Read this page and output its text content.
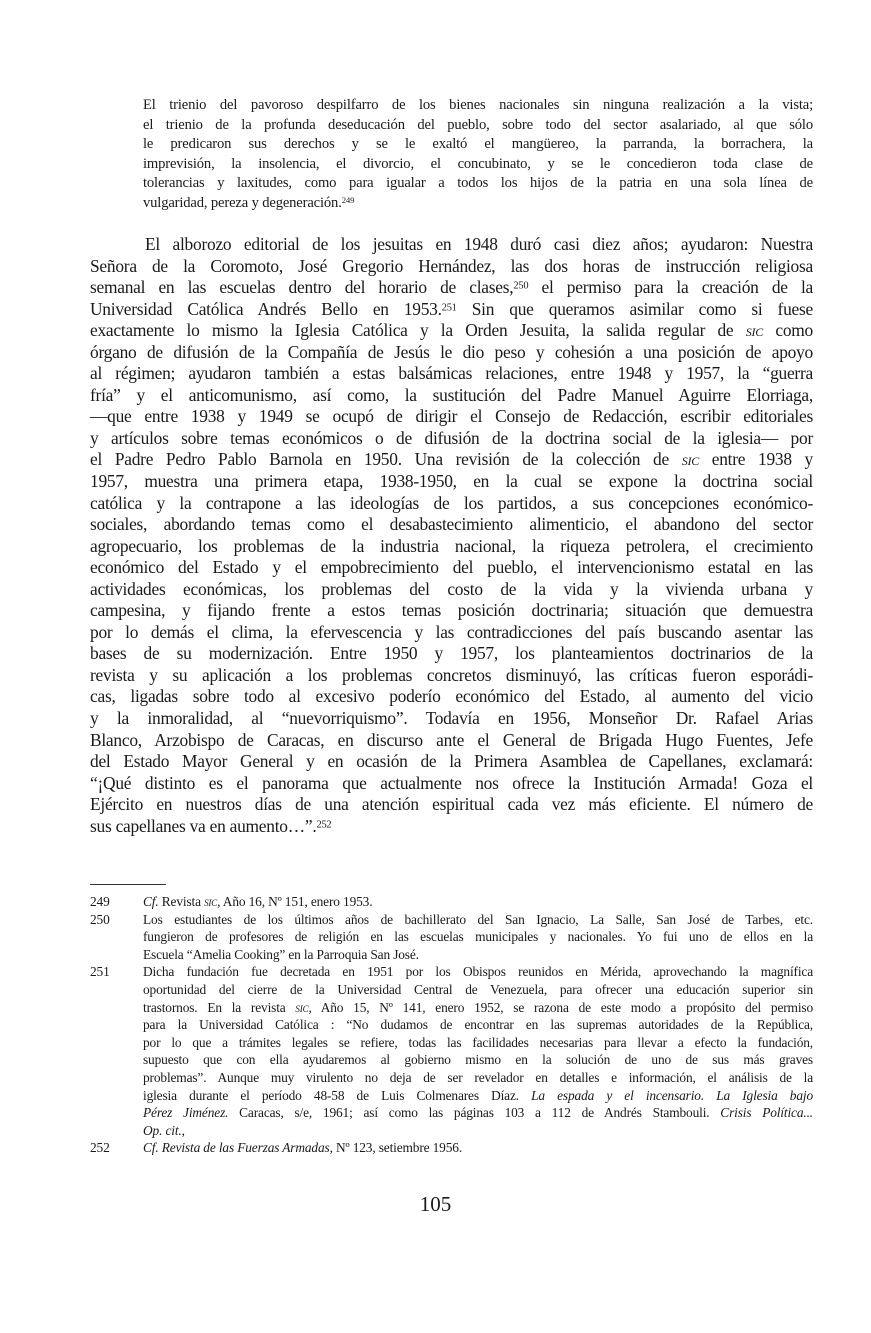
El trienio del pavoroso despilfarro de los bienes nacionales sin ninguna realización a la vista;
el trienio de la profunda deseducación del pueblo, sobre todo del sector asalariado, al que sólo
le predicaron sus derechos y se le exaltó el mangüereo, la parranda, la borrachera, la
imprevisión, la insolencia, el divorcio, el concubinato, y se le concedieron toda clase de
tolerancias y laxitudes, como para igualar a todos los hijos de la patria en una sola línea de
vulgaridad, pereza y degeneración.$^{249}$
El alborozo editorial de los jesuitas en 1948 duró casi diez años; ayudaron: Nuestra
Señora de la Coromoto, José Gregorio Hernández, las dos horas de instrucción religiosa
semanal en las escuelas dentro del horario de clases,$^{250}$ el permiso para la creación de la
Universidad Católica Andrés Bello en 1953.$^{251}$ Sin que queramos asimilar como si fuese
exactamente lo mismo la Iglesia Católica y la Orden Jesuita, la salida regular de sic como
órgano de difusión de la Compañía de Jesús le dio peso y cohesión a una posición de apoyo
al régimen; ayudaron también a estas balsámicas relaciones, entre 1948 y 1957, la “guerra
fría” y el anticomunismo, así como, la sustitución del Padre Manuel Aguirre Elorriaga,
—que entre 1938 y 1949 se ocupó de dirigir el Consejo de Redacción, escribir editoriales
y artículos sobre temas económicos o de difusión de la doctrina social de la iglesia— por
el Padre Pedro Pablo Barnola en 1950. Una revisión de la colección de sic entre 1938 y
1957, muestra una primera etapa, 1938-1950, en la cual se expone la doctrina social
católica y la contrapone a las ideologías de los partidos, a sus concepciones económico-
sociales, abordando temas como el desabastecimiento alimenticio, el abandono del sector
agropecuario, los problemas de la industria nacional, la riqueza petrolera, el crecimiento
económico del Estado y el empobrecimiento del pueblo, el intervencionismo estatal en las
actividades económicas, los problemas del costo de la vida y la vivienda urbana y
campesina, y fijando frente a estos temas posición doctrinaria; situación que demuestra
por lo demás el clima, la efervescencia y las contradicciones del país buscando asentar las
bases de su modernización. Entre 1950 y 1957, los planteamientos doctrinarios de la
revista y su aplicación a los problemas concretos disminuyó, las críticas fueron esporádi-
cas, ligadas sobre todo al excesivo poderío económico del Estado, al aumento del vicio
y la inmoralidad, al “nuevorriquismo”. Todavía en 1956, Monseñor Dr. Rafael Arias
Blanco, Arzobispo de Caracas, en discurso ante el General de Brigada Hugo Fuentes, Jefe
del Estado Mayor General y en ocasión de la Primera Asamblea de Capellanes, exclamará:
“¡Qué distinto es el panorama que actualmente nos ofrece la Institución Armada! Goza el
Ejército en nuestros días de una atención espiritual cada vez más eficiente. El número de
sus capellanes va en aumento…”.$^{252}$
249 Cf. Revista sic, Año 16, Nº 151, enero 1953.
250 Los estudiantes de los últimos años de bachillerato del San Ignacio, La Salle, San José de Tarbes, etc.
fungieron de profesores de religión en las escuelas municipales y nacionales. Yo fui uno de ellos en la
Escuela “Amelia Cooking” en la Parroquia San José.
251 Dicha fundación fue decretada en 1951 por los Obispos reunidos en Mérida, aprovechando la magnífica
oportunidad del cierre de la Universidad Central de Venezuela, para ofrecer una educación superior sin
trastornos. En la revista sic, Año 15, Nº 141, enero 1952, se razona de este modo a propósito del permiso
para la Universidad Católica : “No dudamos de encontrar en las supremas autoridades de la República,
por lo que a trámites legales se refiere, todas las facilidades necesarias para llevar a efecto la fundación,
supuesto que con ella ayudaremos al gobierno mismo en la solución de uno de sus más graves
problemas”. Aunque muy virulento no deja de ser revelador en detalles e información, el análisis de la
iglesia durante el período 48-58 de Luis Colmenares Díaz. La espada y el incensario. La Iglesia bajo
Pérez Jiménez. Caracas, s/e, 1961; así como las páginas 103 a 112 de Andrés Stambouli. Crisis Política...
Op. cit.,
252 Cf. Revista de las Fuerzas Armadas, Nº 123, setiembre 1956.
105
